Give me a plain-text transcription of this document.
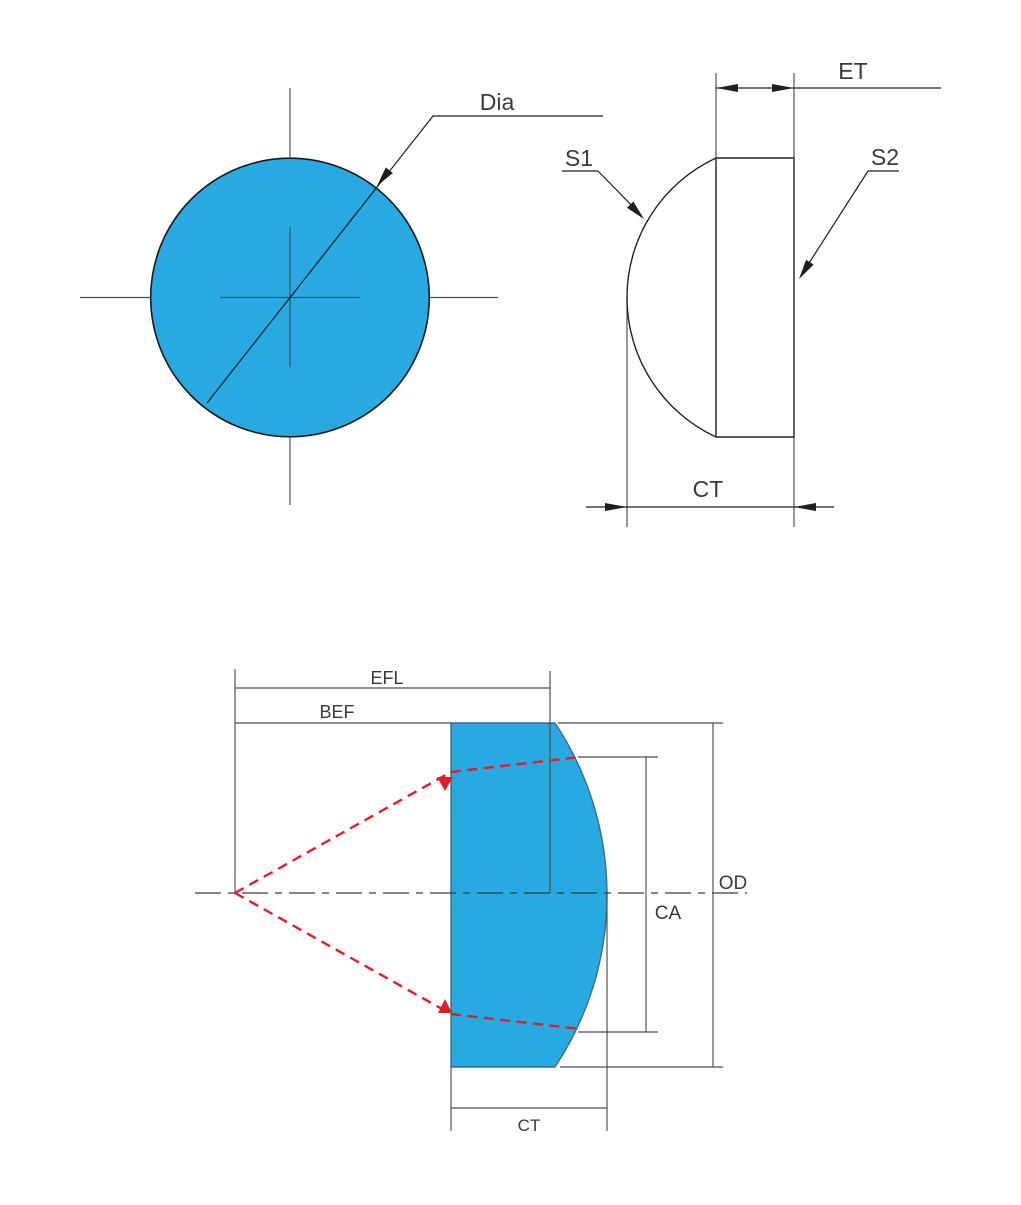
Dia
ET
S1	S2
CT
EFL
BEF
OD
CA
CT
